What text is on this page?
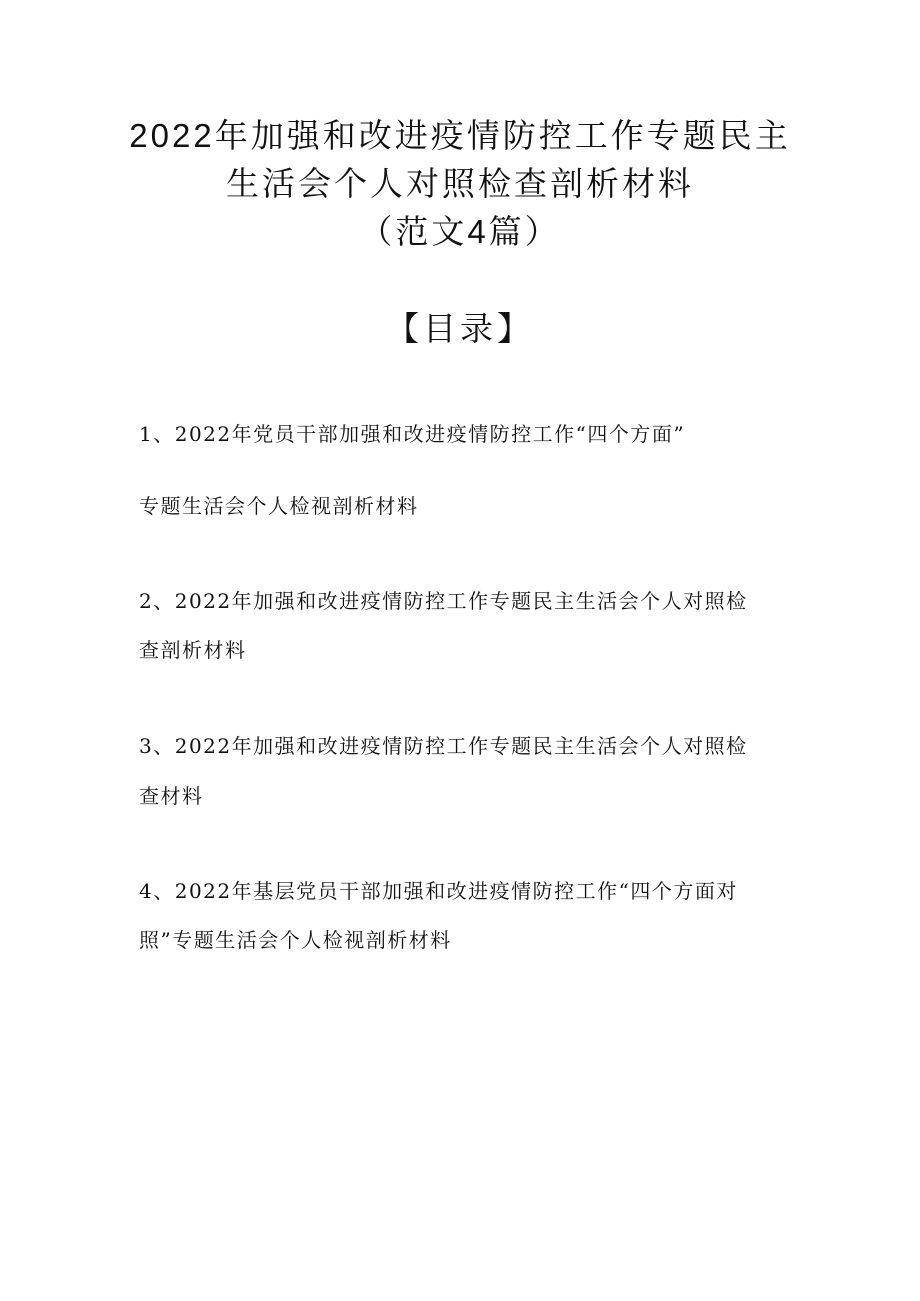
2022年加强和改进疫情防控工作专题民主
生活会个人对照检查剖析材料
（范文4篇）
【目录】
1、2022年党员干部加强和改进疫情防控工作“四个方面”
专题生活会个人检视剖析材料
2、2022年加强和改进疫情防控工作专题民主生活会个人对照检
查剖析材料
3、2022年加强和改进疫情防控工作专题民主生活会个人对照检
查材料
4、2022年基层党员干部加强和改进疫情防控工作“四个方面对
照”专题生活会个人检视剖析材料
